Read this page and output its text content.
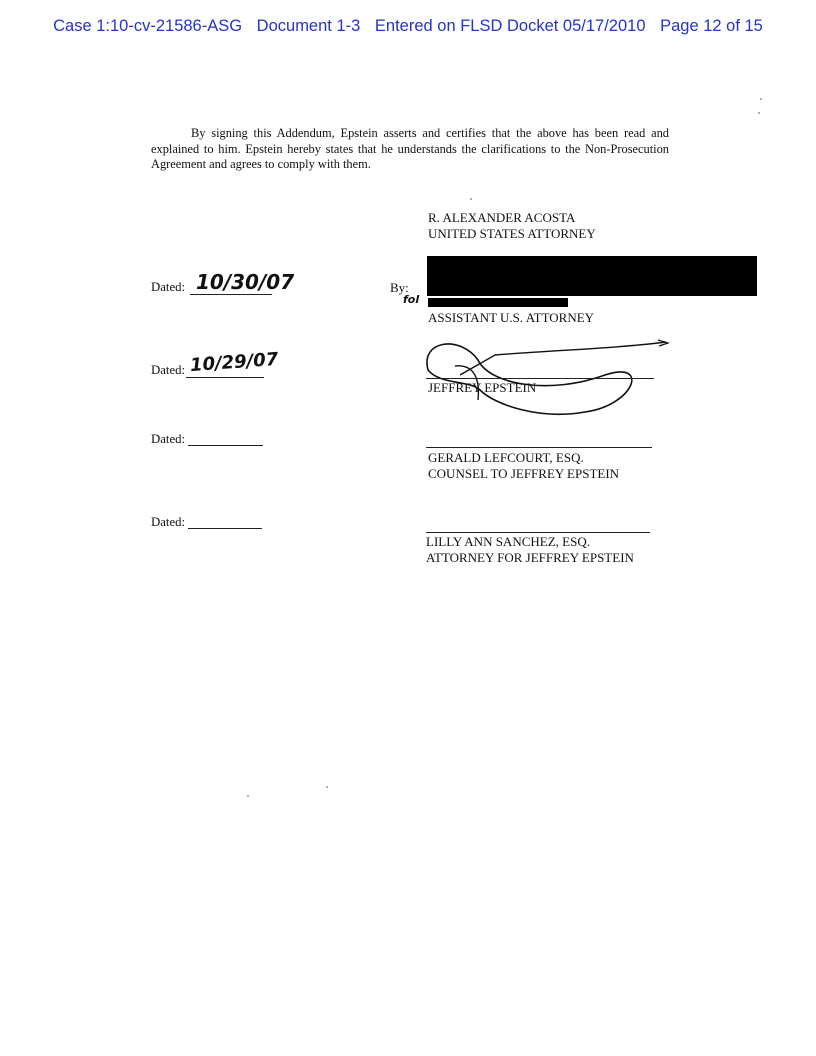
Case 1:10-cv-21586-ASG Document 1-3 Entered on FLSD Docket 05/17/2010 Page 12 of 15
By signing this Addendum, Epstein asserts and certifies that the above has been read and explained to him. Epstein hereby states that he understands the clarifications to the Non-Prosecution Agreement and agrees to comply with them.
R. ALEXANDER ACOSTA
UNITED STATES ATTORNEY
Dated: 10/30/07	By:
fol
ASSISTANT U.S. ATTORNEY
Dated: 10/29/07
JEFFREY EPSTEIN
Dated:
GERALD LEFCOURT, ESQ.
COUNSEL TO JEFFREY EPSTEIN
Dated:
LILLY ANN SANCHEZ, ESQ.
ATTORNEY FOR JEFFREY EPSTEIN
